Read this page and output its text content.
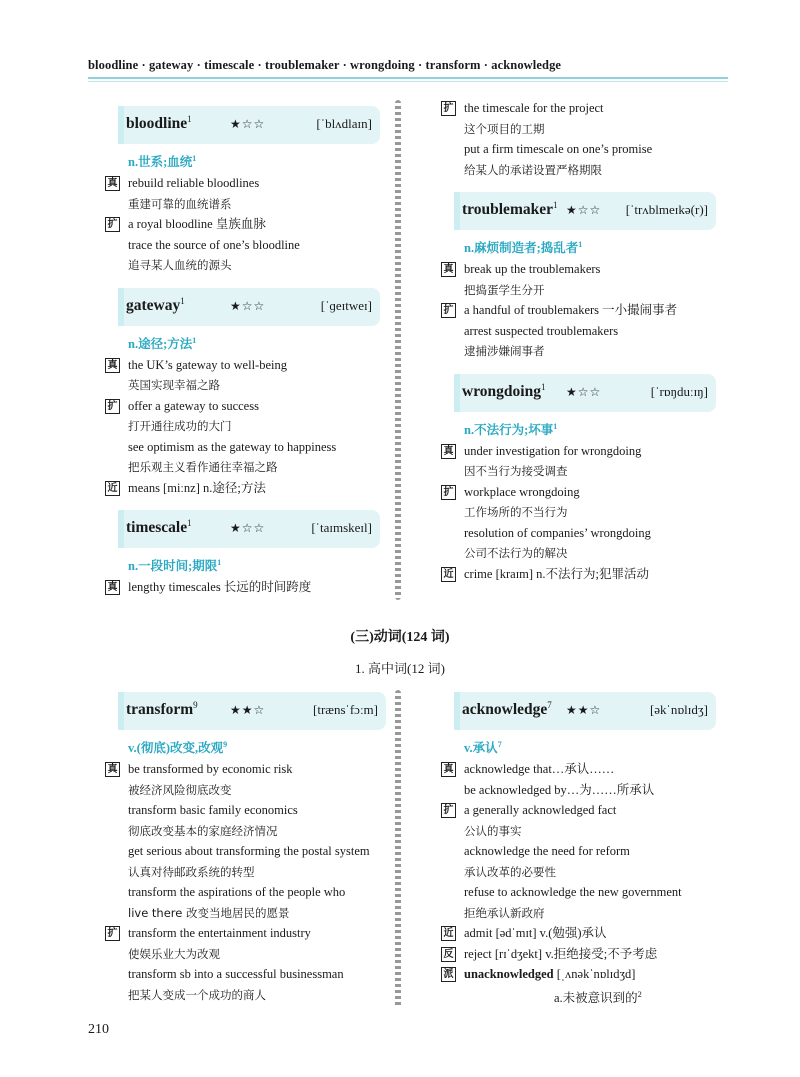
bloodline · gateway · timescale · troublemaker · wrongdoing · transform · acknowledge
bloodline$^1$	★☆☆	[ˈblʌdlaɪn]
n.世系;血统$^1$
真 rebuild reliable bloodlines
重建可靠的血统谱系
扩 a royal bloodline 皇族血脉
trace the source of one’s bloodline
追寻某人血统的源头
gateway$^1$	★☆☆	[ˈɡeɪtweɪ]
n.途径;方法$^1$
真 the UK’s gateway to well-being
英国实现幸福之路
扩 offer a gateway to success
打开通往成功的大门
see optimism as the gateway to happiness
把乐观主义看作通往幸福之路
近 means [miːnz] n.途径;方法
timescale$^1$	★☆☆	[ˈtaɪmskeɪl]
n.一段时间;期限$^1$
真 lengthy timescales 长远的时间跨度
扩 the timescale for the project
这个项目的工期
put a firm timescale on one’s promise
给某人的承诺设置严格期限
troublemaker$^1$ ★☆☆ [ˈtrʌblmeɪkə(r)]
n.麻烦制造者;捣乱者$^1$
真 break up the troublemakers
把捣蛋学生分开
扩 a handful of troublemakers 一小撮闹事者
arrest suspected troublemakers
逮捕涉嫌闹事者
wrongdoing$^1$ ★☆☆	[ˈrɒŋduːɪŋ]
n.不法行为;坏事$^1$
真 under investigation for wrongdoing
因不当行为接受调查
扩 workplace wrongdoing
工作场所的不当行为
resolution of companies’ wrongdoing
公司不法行为的解决
近 crime [kraɪm] n.不法行为;犯罪活动
(三)动词(124 词)
1. 高中词(12 词)
transform$^9$	★★☆	[trænsˈfɔːm]
v.(彻底)改变,改观$^9$
真 be transformed by economic risk
被经济风险彻底改变
transform basic family economics
彻底改变基本的家庭经济情况
get serious about transforming the postal system
认真对待邮政系统的转型
transform the aspirations of the people who
live there 改变当地居民的愿景
扩 transform the entertainment industry
使娱乐业大为改观
transform sb into a successful businessman
把某人变成一个成功的商人
acknowledge$^7$ ★★☆	[əkˈnɒlɪdʒ]
v.承认$^7$
真 acknowledge that…承认……
be acknowledged by…为……所承认
扩 a generally acknowledged fact
公认的事实
acknowledge the need for reform
承认改革的必要性
refuse to acknowledge the new government
拒绝承认新政府
近 admit [ədˈmɪt] v.(勉强)承认
反 reject [rɪˈdʒekt] v.拒绝接受;不予考虑
派 unacknowledged [ˌʌnəkˈnɒlɪdʒd]
a.未被意识到的$^2$
210
